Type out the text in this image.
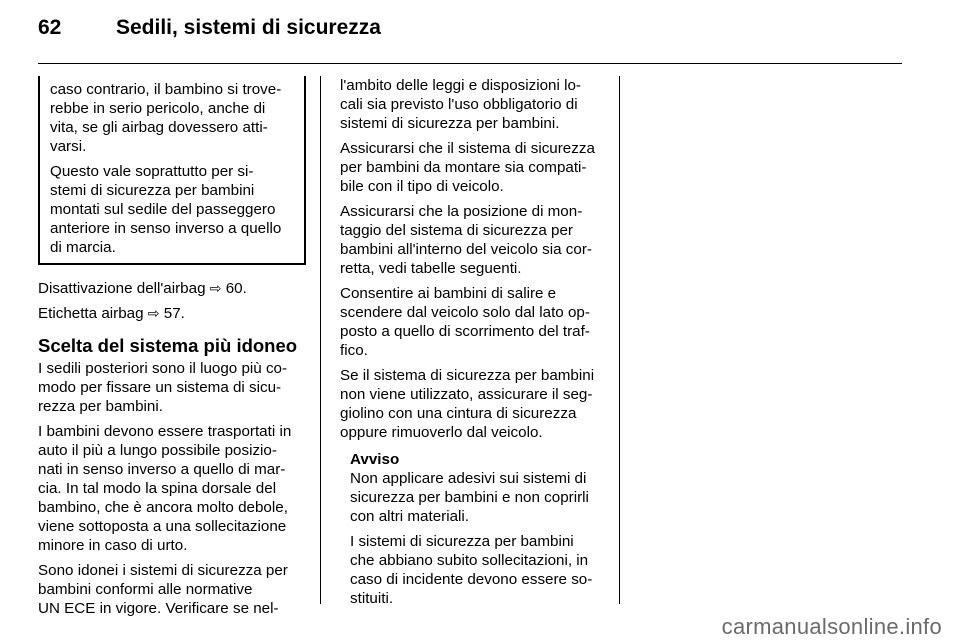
62	Sedili, sistemi di sicurezza

caso contrario, il bambino si trove-
rebbe in serio pericolo, anche di
vita, se gli airbag dovessero atti-
varsi.

Questo vale soprattutto per si-
stemi di sicurezza per bambini
montati sul sedile del passeggero
anteriore in senso inverso a quello
di marcia.

Disattivazione dell'airbag ⇨ 60.

Etichetta airbag ⇨ 57.

Scelta del sistema più idoneo

I sedili posteriori sono il luogo più co-
modo per fissare un sistema di sicu-
rezza per bambini.

I bambini devono essere trasportati in
auto il più a lungo possibile posizio-
nati in senso inverso a quello di mar-
cia. In tal modo la spina dorsale del
bambino, che è ancora molto debole,
viene sottoposta a una sollecitazione
minore in caso di urto.

Sono idonei i sistemi di sicurezza per
bambini conformi alle normative
UN ECE in vigore. Verificare se nel-

l'ambito delle leggi e disposizioni lo-
cali sia previsto l'uso obbligatorio di
sistemi di sicurezza per bambini.

Assicurarsi che il sistema di sicurezza
per bambini da montare sia compati-
bile con il tipo di veicolo.

Assicurarsi che la posizione di mon-
taggio del sistema di sicurezza per
bambini all'interno del veicolo sia cor-
retta, vedi tabelle seguenti.

Consentire ai bambini di salire e
scendere dal veicolo solo dal lato op-
posto a quello di scorrimento del traf-
fico.

Se il sistema di sicurezza per bambini
non viene utilizzato, assicurare il seg-
giolino con una cintura di sicurezza
oppure rimuoverlo dal veicolo.

Avviso

Non applicare adesivi sui sistemi di
sicurezza per bambini e non coprirli
con altri materiali.

I sistemi di sicurezza per bambini
che abbiano subito sollecitazioni, in
caso di incidente devono essere so-
stituiti.

carmanualsonline.info
